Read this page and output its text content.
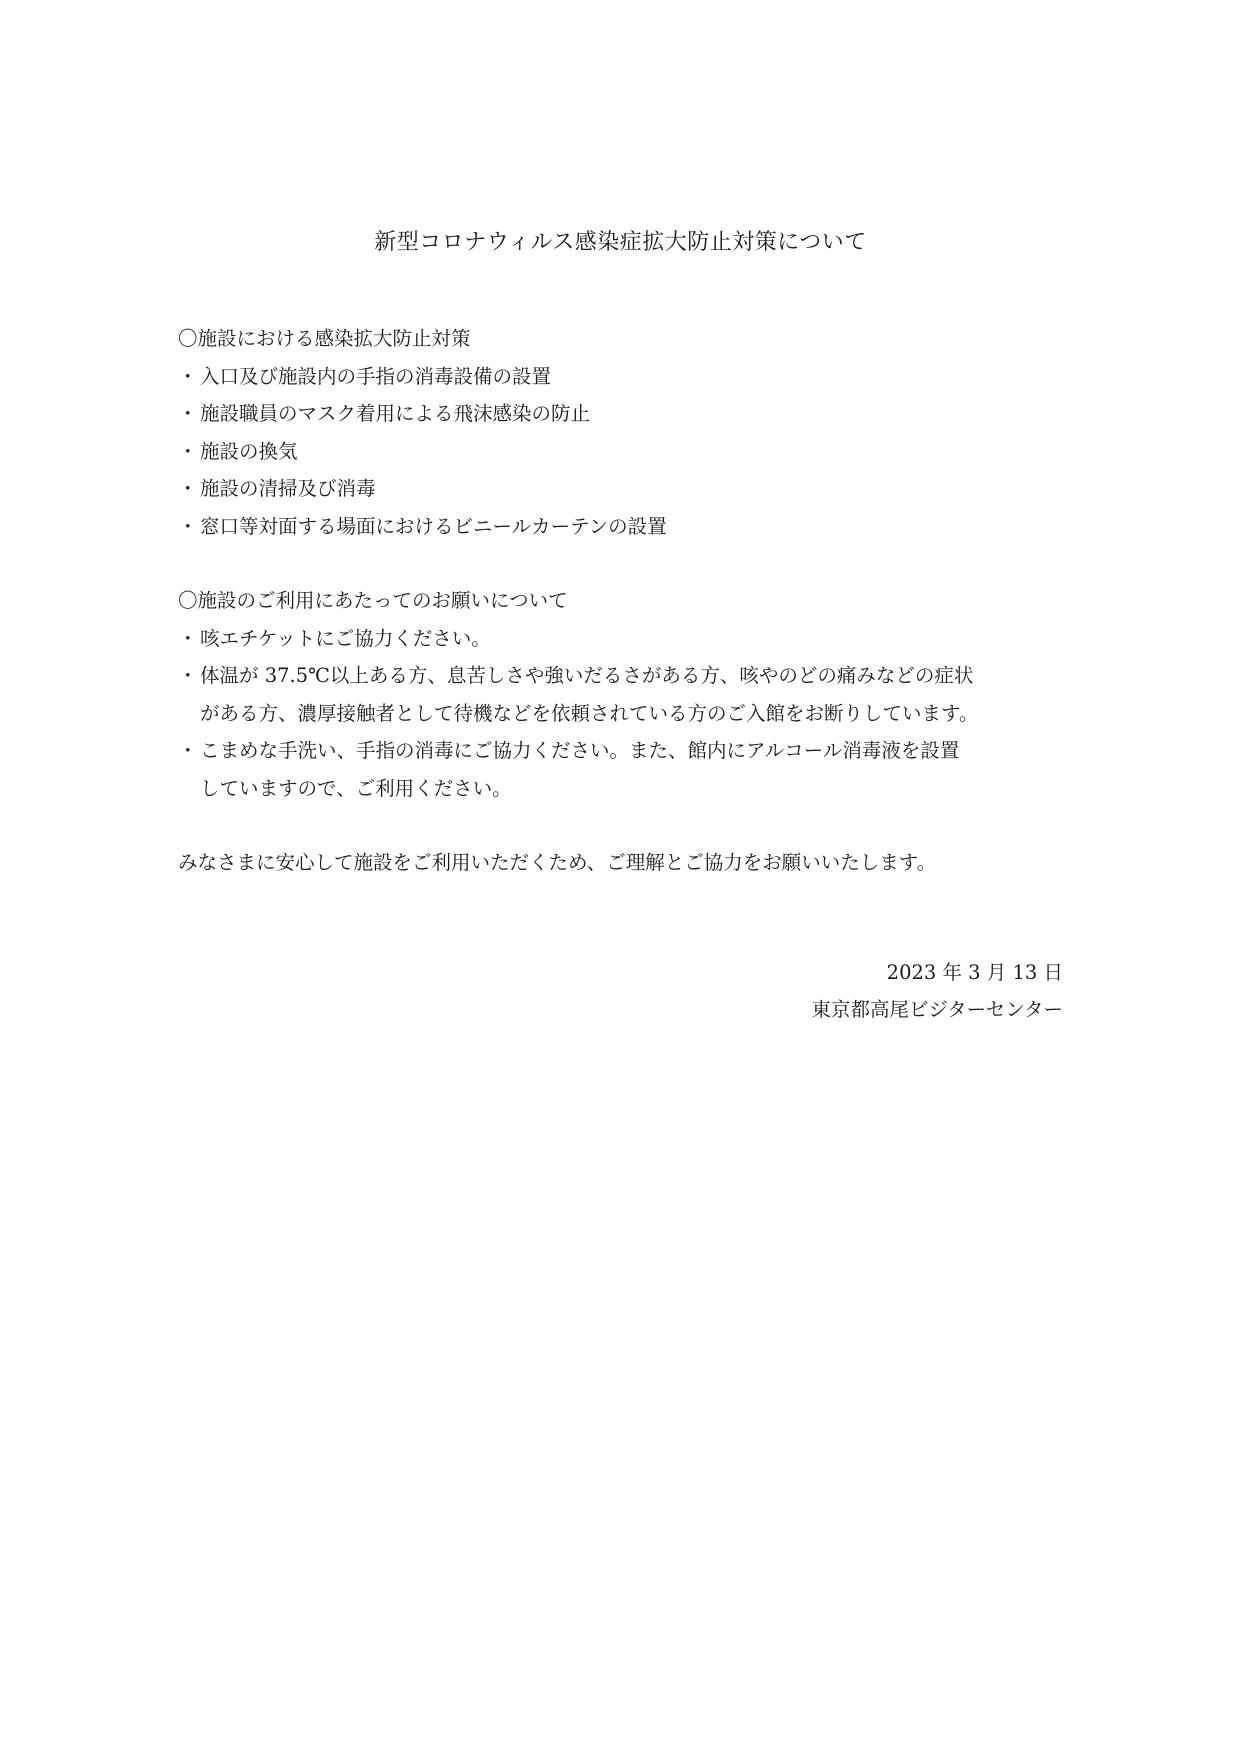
新型コロナウィルス感染症拡大防止対策について
〇施設における感染拡大防止対策
・ 入口及び施設内の手指の消毒設備の設置
・ 施設職員のマスク着用による飛沫感染の防止
・ 施設の換気
・ 施設の清掃及び消毒
・ 窓口等対面する場面におけるビニールカーテンの設置
〇施設のご利用にあたってのお願いについて
・ 咳エチケットにご協力ください。
・ 体温が 37.5℃以上ある方、息苦しさや強いだるさがある方、咳やのどの痛みなどの症状
がある方、濃厚接触者として待機などを依頼されている方のご入館をお断りしています。
・ こまめな手洗い、手指の消毒にご協力ください。また、館内にアルコール消毒液を設置
していますので、ご利用ください。
みなさまに安心して施設をご利用いただくため、ご理解とご協力をお願いいたします。
2023 年 3 月 13 日
東京都高尾ビジターセンター
